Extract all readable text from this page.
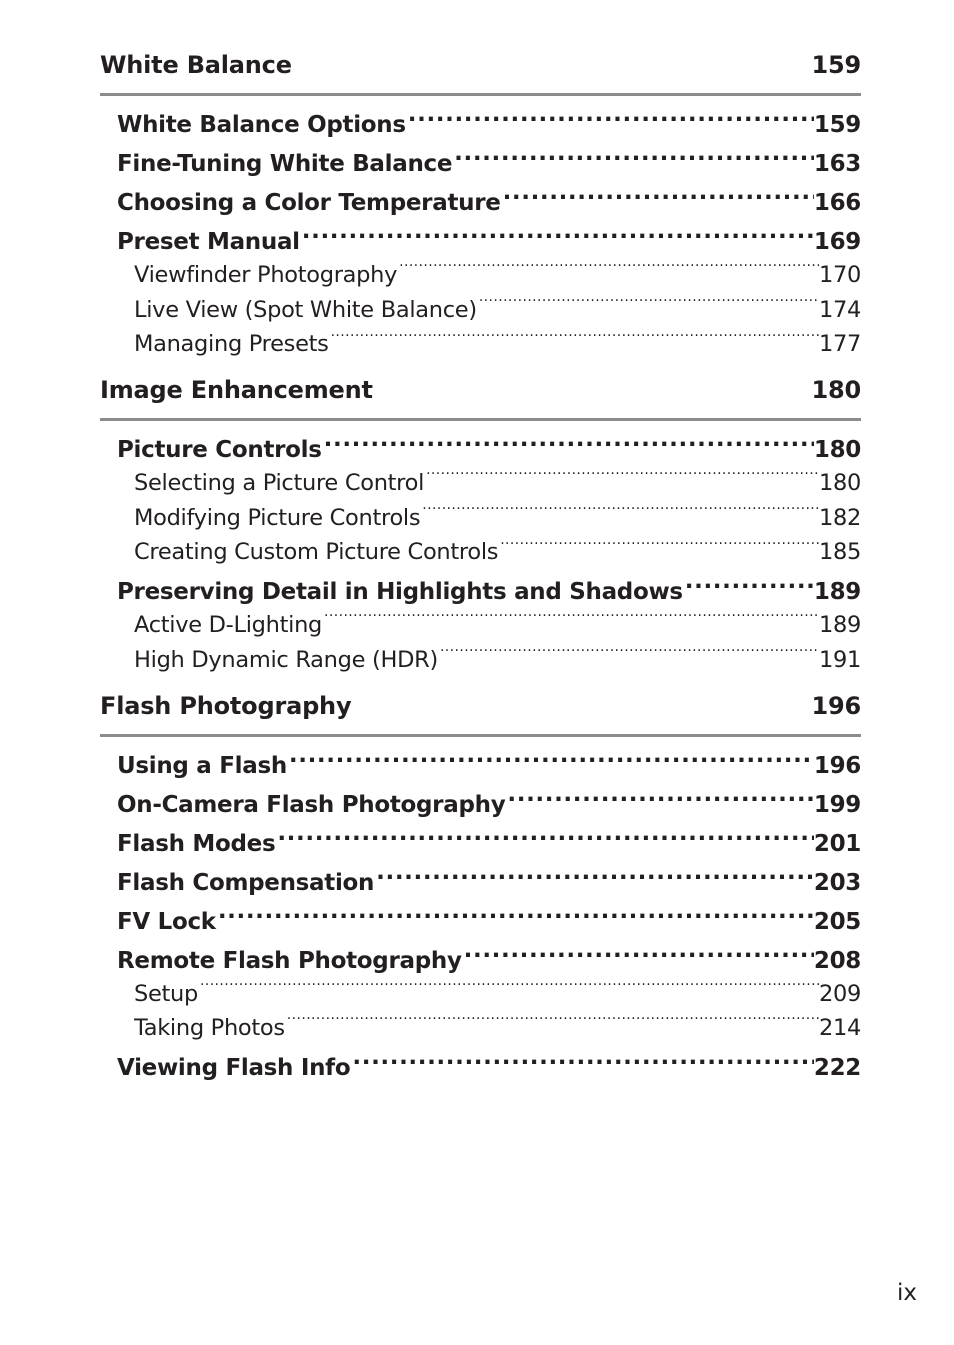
White Balance	159
White Balance Options .....	159
Fine-Tuning White Balance .....	163
Choosing a Color Temperature .....	166
Preset Manual .....	169
Viewfinder Photography .....	170
Live View (Spot White Balance) .....	174
Managing Presets .....	177
Image Enhancement	180
Picture Controls .....	180
Selecting a Picture Control .....	180
Modifying Picture Controls .....	182
Creating Custom Picture Controls .....	185
Preserving Detail in Highlights and Shadows .....	189
Active D-Lighting .....	189
High Dynamic Range (HDR) .....	191
Flash Photography	196
Using a Flash .....	196
On-Camera Flash Photography .....	199
Flash Modes .....	201
Flash Compensation .....	203
FV Lock .....	205
Remote Flash Photography .....	208
Setup .....	209
Taking Photos .....	214
Viewing Flash Info .....	222
ix
